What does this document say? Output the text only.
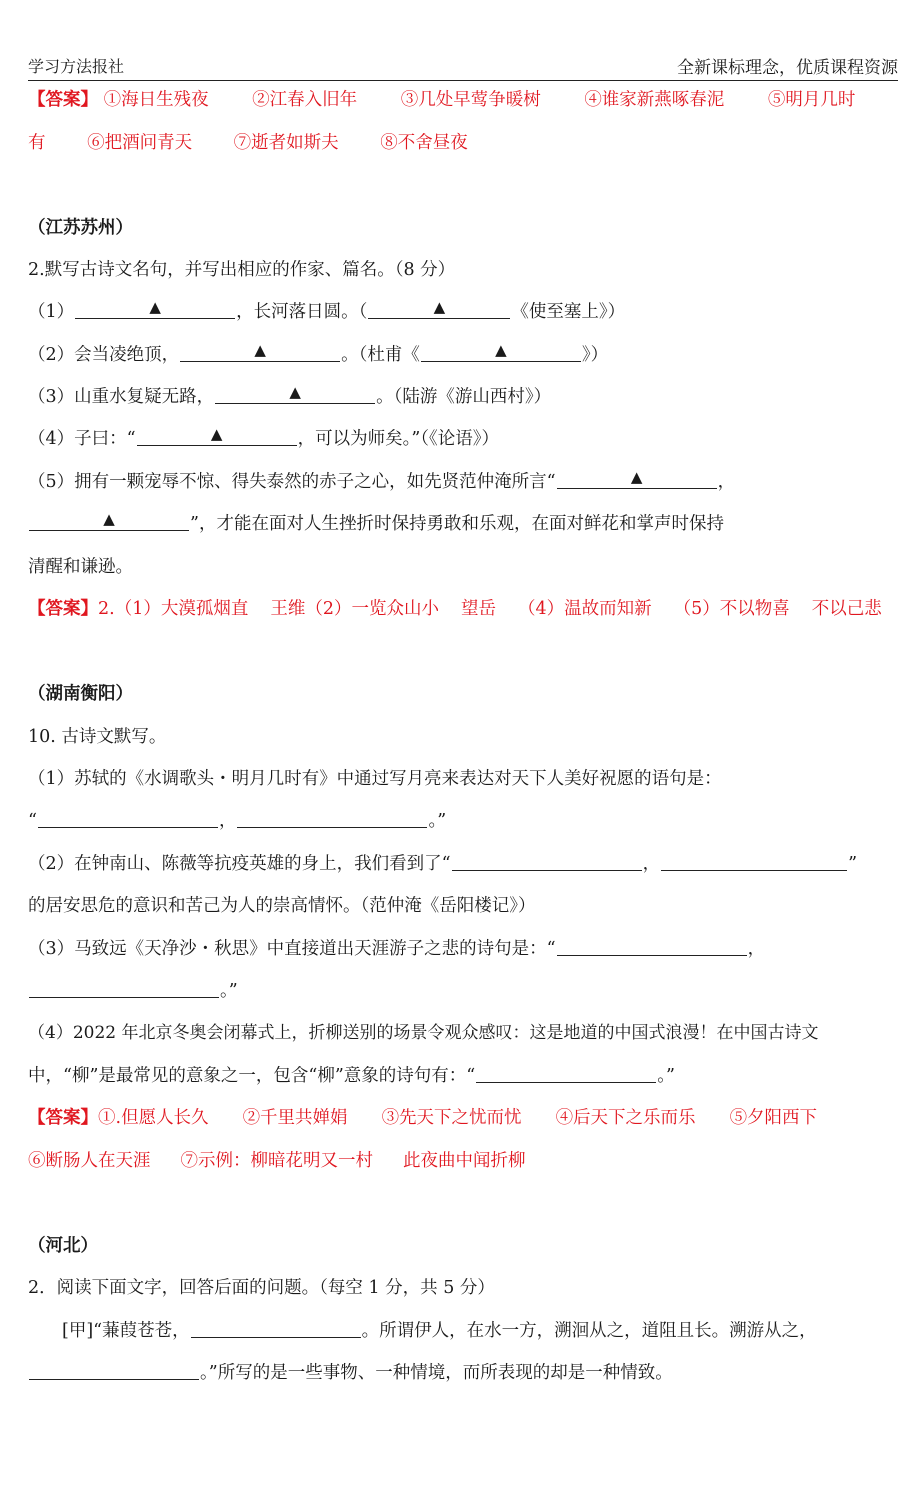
学习方法报社	全新课标理念，优质课程资源
【答案】 ①海日生残夜 ②江春入旧年 ③几处早莺争暖树 ④谁家新燕啄春泥 ⑤明月几时
有 ⑥把酒问青天 ⑦逝者如斯夫 ⑧不舍昼夜
（江苏苏州）
2.默写古诗文名句，并写出相应的作家、篇名。（8 分）
（1）	▲	，长河落日圆。（	▲	《使至塞上》）
（2）会当凌绝顶，	▲	。（杜甫《	▲	》）
（3）山重水复疑无路，	▲	。（陆游《游山西村》）
（4）子曰：“	▲	，可以为师矣。”（《论语》）
（5）拥有一颗宠辱不惊、得失泰然的赤子之心，如先贤范仲淹所言“	▲	，
▲	”，才能在面对人生挫折时保持勇敢和乐观，在面对鲜花和掌声时保持
清醒和谦逊。
【答案】2.（1）大漠孤烟直 王维（2）一览众山小 望岳 （4）温故而知新 （5）不以物喜 不以己悲
（湖南衡阳）
10. 古诗文默写。
（1）苏轼的《水调歌头・明月几时有》中通过写月亮来表达对天下人美好祝愿的语句是：
“	，	。”
（2）在钟南山、陈薇等抗疫英雄的身上，我们看到了“	，	”
的居安思危的意识和苦己为人的崇高情怀。（范仲淹《岳阳楼记》）
（3）马致远《天净沙・秋思》中直接道出天涯游子之悲的诗句是：“	，
。”
（4）2022 年北京冬奥会闭幕式上，折柳送别的场景令观众感叹：这是地道的中国式浪漫！在中国古诗文
中，“柳”是最常见的意象之一，包含“柳”意象的诗句有：“	。”
【答案】①.但愿人长久 ②千里共婵娟 ③先天下之忧而忧 ④后天下之乐而乐 ⑤夕阳西下
⑥断肠人在天涯 ⑦示例：柳暗花明又一村 此夜曲中闻折柳
（河北）
2．阅读下面文字，回答后面的问题。（每空 1 分，共 5 分）
[甲]“蒹葭苍苍，	。所谓伊人，在水一方，溯洄从之，道阻且长。溯游从之，
。”所写的是一些事物、一种情境，而所表现的却是一种情致。
